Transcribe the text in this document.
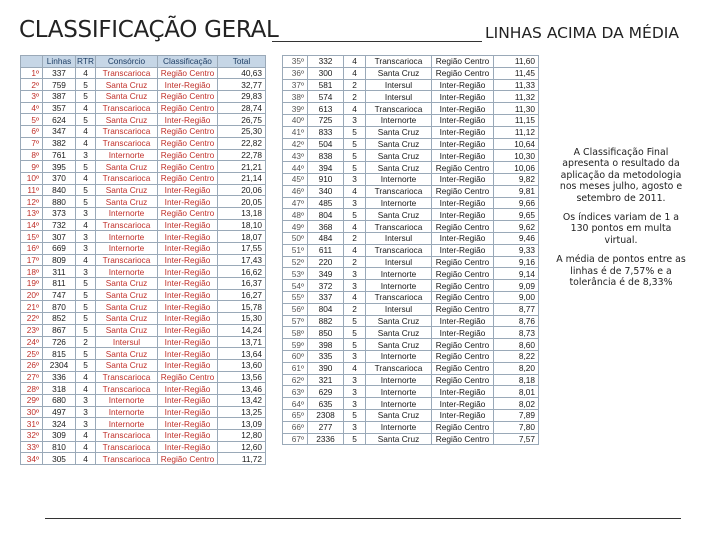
CLASSIFICAÇÃO GERAL	LINHAS ACIMA DA MÉDIA
	Linhas	RTR	Consórcio	Classificação	Total
1º	337	4	Transcarioca	Região Centro	40,63
2º	759	5	Santa Cruz	Inter-Região	32,77
3º	387	5	Santa Cruz	Região Centro	29,83
4º	357	4	Transcarioca	Região Centro	28,74
5º	624	5	Santa Cruz	Inter-Região	26,75
6º	347	4	Transcarioca	Região Centro	25,30
7º	382	4	Transcarioca	Região Centro	22,82
8º	761	3	Internorte	Região Centro	22,78
9º	395	5	Santa Cruz	Região Centro	21,21
10º	370	4	Transcarioca	Região Centro	21,14
11º	840	5	Santa Cruz	Inter-Região	20,06
12º	880	5	Santa Cruz	Inter-Região	20,05
13º	373	3	Internorte	Região Centro	13,18
14º	732	4	Transcarioca	Inter-Região	18,10
15º	307	3	Internorte	Inter-Região	18,07
16º	669	3	Internorte	Inter-Região	17,55
17º	809	4	Transcarioca	Inter-Região	17,43
18º	311	3	Internorte	Inter-Região	16,62
19º	811	5	Santa Cruz	Inter-Região	16,37
20º	747	5	Santa Cruz	Inter-Região	16,27
21º	870	5	Santa Cruz	Inter-Região	15,78
22º	852	5	Santa Cruz	Inter-Região	15,30
23º	867	5	Santa Cruz	Inter-Região	14,24
24º	726	2	Intersul	Inter-Região	13,71
25º	815	5	Santa Cruz	Inter-Região	13,64
26º	2304	5	Santa Cruz	Inter-Região	13,60
27º	336	4	Transcarioca	Região Centro	13,56
28º	318	4	Transcarioca	Inter-Região	13,46
29º	680	3	Internorte	Inter-Região	13,42
30º	497	3	Internorte	Inter-Região	13,25
31º	324	3	Internorte	Inter-Região	13,09
32º	309	4	Transcarioca	Inter-Região	12,80
33º	810	4	Transcarioca	Inter-Região	12,60
34º	305	4	Transcarioca	Região Centro	11,72
35º	332	4	Transcarioca	Região Centro	11,60
36º	300	4	Santa Cruz	Região Centro	11,45
37º	581	2	Intersul	Inter-Região	11,33
38º	574	2	Intersul	Inter-Região	11,32
39º	613	4	Transcarioca	Inter-Região	11,30
40º	725	3	Internorte	Inter-Região	11,15
41º	833	5	Santa Cruz	Inter-Região	11,12
42º	504	5	Santa Cruz	Inter-Região	10,64
43º	838	5	Santa Cruz	Inter-Região	10,30
44º	394	5	Santa Cruz	Região Centro	10,06
45º	910	3	Internorte	Inter-Região	9,82
46º	340	4	Transcarioca	Região Centro	9,81
47º	485	3	Internorte	Inter-Região	9,66
48º	804	5	Santa Cruz	Inter-Região	9,65
49º	368	4	Transcarioca	Região Centro	9,62
50º	484	2	Intersul	Inter-Região	9,46
51º	611	4	Transcarioca	Inter-Região	9,33
52º	220	2	Intersul	Região Centro	9,16
53º	349	3	Internorte	Região Centro	9,14
54º	372	3	Internorte	Região Centro	9,09
55º	337	4	Transcarioca	Região Centro	9,00
56º	804	2	Intersul	Região Centro	8,77
57º	882	5	Santa Cruz	Inter-Região	8,76
58º	850	5	Santa Cruz	Inter-Região	8,73
59º	398	5	Santa Cruz	Região Centro	8,60
60º	335	3	Internorte	Região Centro	8,22
61º	390	4	Transcarioca	Região Centro	8,20
62º	321	3	Internorte	Região Centro	8,18
63º	629	3	Internorte	Inter-Região	8,01
64º	635	3	Internorte	Inter-Região	8,02
65º	2308	5	Santa Cruz	Inter-Região	7,89
66º	277	3	Internorte	Região Centro	7,80
67º	2336	5	Santa Cruz	Região Centro	7,57

A Classificação Final apresenta o resultado da aplicação da metodologia nos meses julho, agosto e setembro de 2011.

Os índices variam de 1 a 130 pontos em multa virtual.

A média de pontos entre as linhas é de 7,57% e a tolerância é de 8,33%
